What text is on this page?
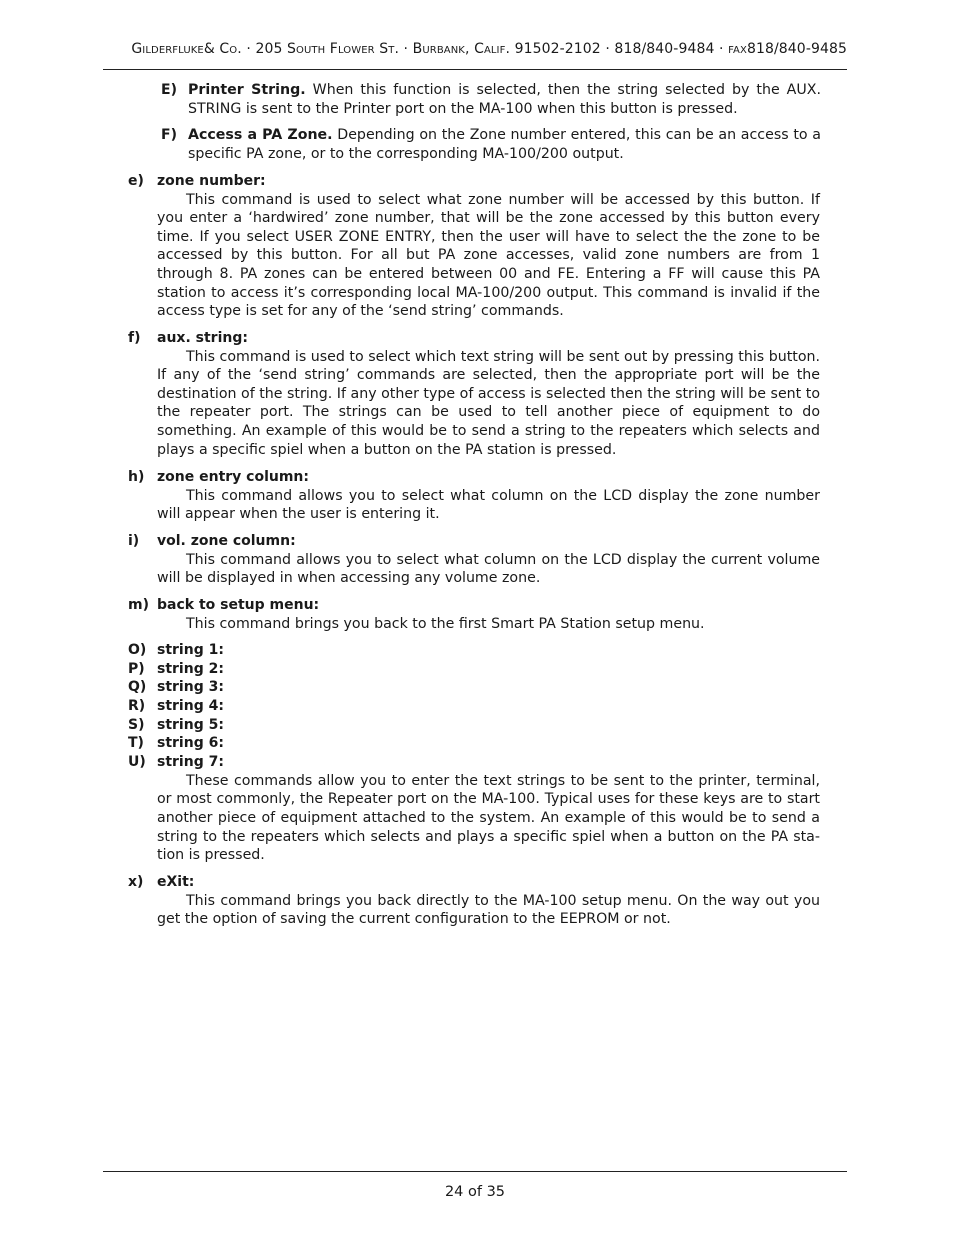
Gilderfluke& Co. · 205 South Flower St. · Burbank, Calif. 91502-2102 · 818/840-9484 · fax818/840-9485
E) Printer String. When this function is selected, then the string selected by the AUX. STRING is sent to the Printer port on the MA-100 when this button is pressed.
F) Access a PA Zone. Depending on the Zone number entered, this can be an access to a specific PA zone, or to the corresponding MA-100/200 output.
e) zone number:
This command is used to select what zone number will be accessed by this button. If you enter a ‘hardwired’ zone number, that will be the zone accessed by this button every time. If you select USER ZONE ENTRY, then the user will have to select the the zone to be accessed by this button. For all but PA zone accesses, valid zone numbers are from 1 through 8. PA zones can be entered between 00 and FE. Entering a FF will cause this PA station to access it’s corresponding local MA-100/200 output. This command is invalid if the access type is set for any of the ‘send string’ commands.
f) aux. string:
This command is used to select which text string will be sent out by pressing this button. If any of the ‘send string’ commands are selected, then the appropriate port will be the destination of the string. If any other type of access is selected then the string will be sent to the repeater port. The strings can be used to tell another piece of equipment to do something. An example of this would be to send a string to the repeaters which selects and plays a specific spiel when a button on the PA station is pressed.
h) zone entry column:
This command allows you to select what column on the LCD display the zone number will appear when the user is entering it.
i) vol. zone column:
This command allows you to select what column on the LCD display the current volume will be displayed in when accessing any volume zone.
m) back to setup menu:
This command brings you back to the first Smart PA Station setup menu.
O) string 1:
P) string 2:
Q) string 3:
R) string 4:
S) string 5:
T) string 6:
U) string 7:
These commands allow you to enter the text strings to be sent to the printer, terminal, or most commonly, the Repeater port on the MA-100. Typical uses for these keys are to start another piece of equipment attached to the system. An example of this would be to send a string to the repeaters which selects and plays a specific spiel when a button on the PA station is pressed.
x) eXit:
This command brings you back directly to the MA-100 setup menu. On the way out you get the option of saving the current configuration to the EEPROM or not.
24 of 35
